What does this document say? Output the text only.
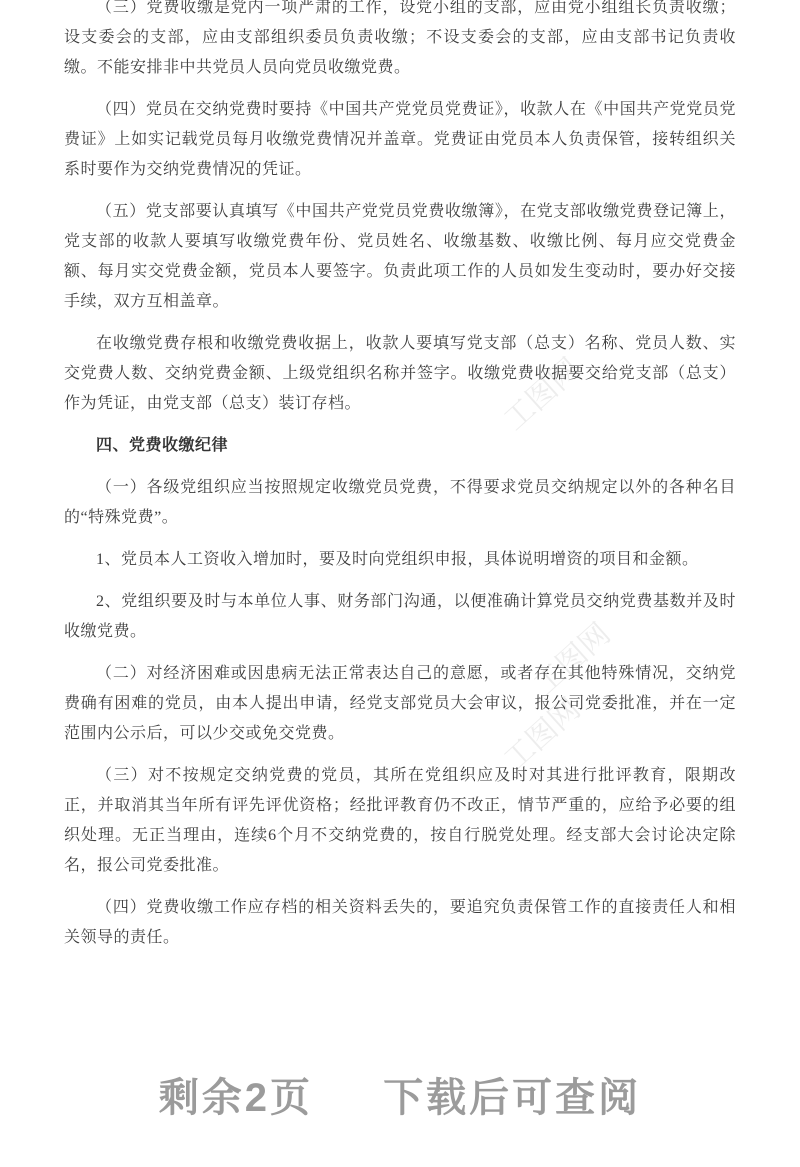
工图网
工图网
工图网

（三）党费收缴是党内一项严肃的工作，设党小组的支部，应由党小组组长负责收缴；设支委会的支部，应由支部组织委员负责收缴；不设支委会的支部，应由支部书记负责收缴。不能安排非中共党员人员向党员收缴党费。

（四）党员在交纳党费时要持《中国共产党党员党费证》，收款人在《中国共产党党员党费证》上如实记载党员每月收缴党费情况并盖章。党费证由党员本人负责保管，接转组织关系时要作为交纳党费情况的凭证。

（五）党支部要认真填写《中国共产党党员党费收缴簿》，在党支部收缴党费登记簿上，党支部的收款人要填写收缴党费年份、党员姓名、收缴基数、收缴比例、每月应交党费金额、每月实交党费金额，党员本人要签字。负责此项工作的人员如发生变动时，要办好交接手续，双方互相盖章。

在收缴党费存根和收缴党费收据上，收款人要填写党支部（总支）名称、党员人数、实交党费人数、交纳党费金额、上级党组织名称并签字。收缴党费收据要交给党支部（总支）作为凭证，由党支部（总支）装订存档。

四、党费收缴纪律

（一）各级党组织应当按照规定收缴党员党费，不得要求党员交纳规定以外的各种名目的“特殊党费”。

1、党员本人工资收入增加时，要及时向党组织申报，具体说明增资的项目和金额。

2、党组织要及时与本单位人事、财务部门沟通，以便准确计算党员交纳党费基数并及时收缴党费。

（二）对经济困难或因患病无法正常表达自己的意愿，或者存在其他特殊情况，交纳党费确有困难的党员，由本人提出申请，经党支部党员大会审议，报公司党委批准，并在一定范围内公示后，可以少交或免交党费。

（三）对不按规定交纳党费的党员，其所在党组织应及时对其进行批评教育，限期改正，并取消其当年所有评先评优资格；经批评教育仍不改正，情节严重的，应给予必要的组织处理。无正当理由，连续6个月不交纳党费的，按自行脱党处理。经支部大会讨论决定除名，报公司党委批准。

（四）党费收缴工作应存档的相关资料丢失的，要追究负责保管工作的直接责任人和相关领导的责任。

剩余2页 下载后可查阅
